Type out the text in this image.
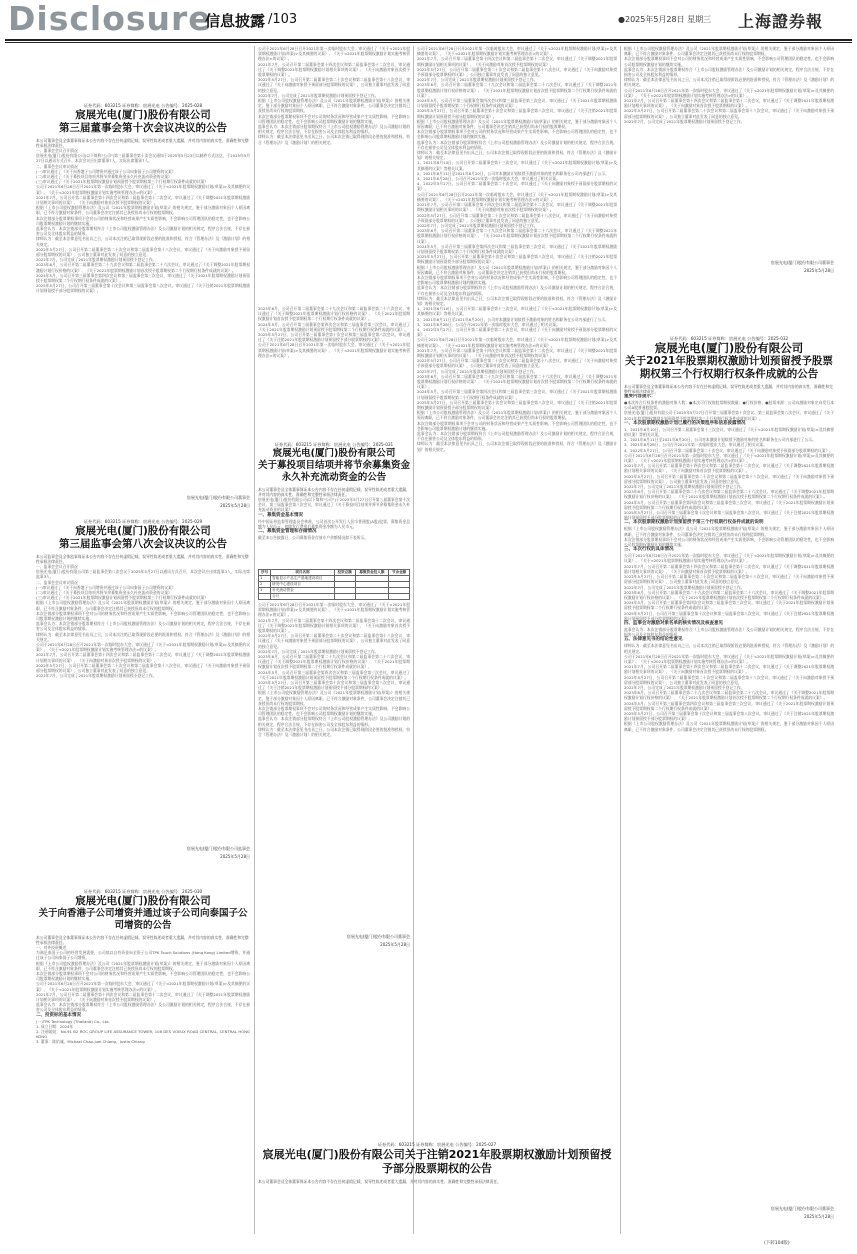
Disclosure
信息披露 /103	●2025年5月28日 星期三 上海證券報
证券代码：603215 证券简称：宸展光电 公告编号：2025-028
宸展光电(厦门)股份有限公司
第三届董事会第十次会议决议的公告
本公司董事会及全体董事保证本公告内容不存在任何虚假记载、误导性陈述或者重大遗漏，并对其内容的真实性、准确性和完整性承担法律责任。

一、董事会会议召开情况

宸展光电(厦门)股份有限公司(以下简称"公司")第三届董事会第十次会议通知于2025年5月23日以邮件方式送达，于2025年5月27日以通讯方式召开。本次会议应出席董事7人，实际出席董事7人。

二、董事会会议审议情况

(一)审议通过了《关于向香港子公司增资并通过该子公司向泰国子公司增资的议案》

(二)审议通过了《关于募投项目结项并将节余募集资金永久补充流动资金的议案》

(三)审议通过了《关于2021年股票期权激励计划预留授予股票期权第三个行权期行权条件成就的议案》

公司于2021年6月28日召开2021年第一次临时股东大会，审议通过了《关于<2021年股票期权激励计划(草案)>及其摘要的议案》、《关于<2021年股票期权激励计划实施考核管理办法>的议案》。

2021年7月，公司召开第二届董事会第十四次会议和第二届监事会第十二次会议，审议通过了《关于调整2021年股票期权激励计划相关事项的议案》、《关于向激励对象首次授予股票期权的议案》。

根据《上市公司股权激励管理办法》及公司《2021年股票期权激励计划(草案)》的相关规定，鉴于部分激励对象因个人原因离职，已不符合激励对象条件，公司董事会决定注销其已获授但尚未行权的股票期权。

本次注销部分股票期权事项不会对公司的财务状况和经营成果产生实质性影响，不会影响公司管理团队的稳定性，也不会影响公司股票期权激励计划的继续实施。

监事会认为：本次注销部分股票期权符合《上市公司股权激励管理办法》及公司激励计划的相关规定，程序合法合规，不存在损害公司及全体股东利益的情形。

律师认为：截至本法律意见书出具之日，公司本次注销已取得现阶段必要的批准和授权，符合《管理办法》及《激励计划》的相关规定。

2022年5月27日，公司召开第二届董事会第二十次会议和第二届监事会第十八次会议，审议通过了《关于向激励对象授予预留部分股票期权的议案》，公司独立董事对此发表了同意的独立意见。

2022年7月，公司完成了2021年股票期权激励计划预留授予登记工作。

2023年6月，公司召开第二届董事会第二十九次会议和第二届监事会第二十六次会议，审议通过了《关于调整2021年股票期权激励计划行权价格的议案》、《关于2021年股票期权激励计划首次授予股票期权第二个行权期行权条件成就的议案》。

2024年5月，公司召开第三届董事会第四次会议和第三届监事会第三次会议，审议通过了《关于2021年股票期权激励计划预留授予股票期权第二个行权期行权条件成就的议案》。

2025年5月27日，公司召开第三届董事会第十次会议和第三届监事会第八次会议，审议通过了《关于注销2021年股票期权激励计划预留授予部分股票期权的议案》。

宸展光电(厦门)股份有限公司董事会
2025年5月28日
证券代码：603215 证券简称：宸展光电 公告编号：2025-029
宸展光电(厦门)股份有限公司
第三届监事会第八次会议决议的公告
本公司监事会及全体监事保证本公告内容不存在任何虚假记载、误导性陈述或者重大遗漏，并对其内容的真实性、准确性和完整性承担法律责任。

一、监事会会议召开情况

宸展光电(厦门)股份有限公司第三届监事会第八次会议于2025年5月27日以通讯方式召开，本次会议应出席监事3人，实际出席监事3人。

二、监事会会议审议情况

(一)审议通过了《关于向香港子公司增资并通过该子公司向泰国子公司增资的议案》

(二)审议通过了《关于募投项目结项并将节余募集资金永久补充流动资金的议案》

(三)审议通过了《关于2021年股票期权激励计划预留授予股票期权第三个行权期行权条件成就的议案》

根据《上市公司股权激励管理办法》及公司《2021年股票期权激励计划(草案)》的相关规定，鉴于部分激励对象因个人原因离职，已不符合激励对象条件，公司董事会决定注销其已获授但尚未行权的股票期权。

本次注销部分股票期权事项不会对公司的财务状况和经营成果产生实质性影响，不会影响公司管理团队的稳定性，也不会影响公司股票期权激励计划的继续实施。

监事会认为：本次注销部分股票期权符合《上市公司股权激励管理办法》及公司激励计划的相关规定，程序合法合规，不存在损害公司及全体股东利益的情形。

律师认为：截至本法律意见书出具之日，公司本次注销已取得现阶段必要的批准和授权，符合《管理办法》及《激励计划》的相关规定。

公司于2021年6月28日召开2021年第一次临时股东大会，审议通过了《关于<2021年股票期权激励计划(草案)>及其摘要的议案》、《关于<2021年股票期权激励计划实施考核管理办法>的议案》。

2021年7月，公司召开第二届董事会第十四次会议和第二届监事会第十二次会议，审议通过了《关于调整2021年股票期权激励计划相关事项的议案》、《关于向激励对象首次授予股票期权的议案》。

2022年5月27日，公司召开第二届董事会第二十次会议和第二届监事会第十八次会议，审议通过了《关于向激励对象授予预留部分股票期权的议案》，公司独立董事对此发表了同意的独立意见。

2022年7月，公司完成了2021年股票期权激励计划预留授予登记工作。

宸展光电(厦门)股份有限公司监事会
2025年5月28日
证券代码：603215 证券简称：宸展光电 公告编号：2025-030
宸展光电(厦门)股份有限公司
关于向香港子公司增资并通过该子公司向泰国子公司增资的公告
本公司董事会及全体董事保证本公告内容不存在任何虚假记载、误导性陈述或者重大遗漏，并对其内容的真实性、准确性和完整性承担法律责任。

一、对外投资概述

为满足泰国子公司的经营发展需要，公司拟以自有资金向全资子公司TPK Touch Solutions (Hong Kong) Limited增资，并通过该子公司向泰国子公司增资。

根据《上市公司股权激励管理办法》及公司《2021年股票期权激励计划(草案)》的相关规定，鉴于部分激励对象因个人原因离职，已不符合激励对象条件，公司董事会决定注销其已获授但尚未行权的股票期权。

本次注销部分股票期权事项不会对公司的财务状况和经营成果产生实质性影响，不会影响公司管理团队的稳定性，也不会影响公司股票期权激励计划的继续实施。

公司于2021年6月28日召开2021年第一次临时股东大会，审议通过了《关于<2021年股票期权激励计划(草案)>及其摘要的议案》、《关于<2021年股票期权激励计划实施考核管理办法>的议案》。

2021年7月，公司召开第二届董事会第十四次会议和第二届监事会第十二次会议，审议通过了《关于调整2021年股票期权激励计划相关事项的议案》、《关于向激励对象首次授予股票期权的议案》。

监事会认为：本次注销部分股票期权符合《上市公司股权激励管理办法》及公司激励计划的相关规定，程序合法合规，不存在损害公司及全体股东利益的情形。

二、投资标的基本情况

(一)TPK Technology (Thailand) Co., Ltd.

1. 成立日期：2024年

2. 注册地址：No.91 B2 ROC GROUP LIFE ASSURANCE TOWER, 106 DES VOEUX ROAD CENTRAL, CENTRAL HONG KONG

3. 董事：陈佑诚、Michael Chao-Juei Chiang、Justin Chiang

公司于2021年6月28日召开2021年第一次临时股东大会，审议通过了《关于<2021年股票期权激励计划(草案)>及其摘要的议案》、《关于<2021年股票期权激励计划实施考核管理办法>的议案》。

2021年7月，公司召开第二届董事会第十四次会议和第二届监事会第十二次会议，审议通过了《关于调整2021年股票期权激励计划相关事项的议案》、《关于向激励对象首次授予股票期权的议案》。

2022年5月27日，公司召开第二届董事会第二十次会议和第二届监事会第十八次会议，审议通过了《关于向激励对象授予预留部分股票期权的议案》，公司独立董事对此发表了同意的独立意见。

2022年7月，公司完成了2021年股票期权激励计划预留授予登记工作。

根据《上市公司股权激励管理办法》及公司《2021年股票期权激励计划(草案)》的相关规定，鉴于部分激励对象因个人原因离职，已不符合激励对象条件，公司董事会决定注销其已获授但尚未行权的股票期权。

本次注销部分股票期权事项不会对公司的财务状况和经营成果产生实质性影响，不会影响公司管理团队的稳定性，也不会影响公司股票期权激励计划的继续实施。

监事会认为：本次注销部分股票期权符合《上市公司股权激励管理办法》及公司激励计划的相关规定，程序合法合规，不存在损害公司及全体股东利益的情形。

律师认为：截至本法律意见书出具之日，公司本次注销已取得现阶段必要的批准和授权，符合《管理办法》及《激励计划》的相关规定。

2023年6月，公司召开第二届董事会第二十九次会议和第二届监事会第二十六次会议，审议通过了《关于调整2021年股票期权激励计划行权价格的议案》、《关于2021年股票期权激励计划首次授予股票期权第二个行权期行权条件成就的议案》。

2024年5月，公司召开第三届董事会第四次会议和第三届监事会第三次会议，审议通过了《关于2021年股票期权激励计划预留授予股票期权第二个行权期行权条件成就的议案》。

2025年5月27日，公司召开第三届董事会第十次会议和第三届监事会第八次会议，审议通过了《关于注销2021年股票期权激励计划预留授予部分股票期权的议案》。

公司于2021年6月28日召开2021年第一次临时股东大会，审议通过了《关于<2021年股票期权激励计划(草案)>及其摘要的议案》、《关于<2021年股票期权激励计划实施考核管理办法>的议案》。

证券代码：603215 证券简称：宸展光电 公告编号：2025-031
宸展光电(厦门)股份有限公司
关于募投项目结项并将节余募集资金永久补充流动资金的公告
本公司董事会及全体董事保证本公告内容不存在任何虚假记载、误导性陈述或者重大遗漏，并对其内容的真实性、准确性和完整性承担法律责任。

宸展光电(厦门)股份有限公司(以下简称"公司")于2025年5月27日召开第三届董事会第十次会议、第三届监事会第八次会议，审议通过了《关于募投项目结项并将节余募集资金永久补充流动资金的议案》。

一、募集资金基本情况

经中国证券监督管理委员会核准，公司首次公开发行人民币普通股(A股)股票，募集资金总额为人民币元，扣除发行费用后募集资金净额为人民币元。

二、募集资金管理和存储情况

截至本公告披露日，公司募集资金存放专户余额情况如下表所示。

序号	项目名称	投资总额	募集资金投入额	节余金额
1	智能显示产品生产基地建设项目			
2	研发中心建设项目			
3	补充流动资金			
	合计			

公司于2021年6月28日召开2021年第一次临时股东大会，审议通过了《关于<2021年股票期权激励计划(草案)>及其摘要的议案》、《关于<2021年股票期权激励计划实施考核管理办法>的议案》。

2021年7月，公司召开第二届董事会第十四次会议和第二届监事会第十二次会议，审议通过了《关于调整2021年股票期权激励计划相关事项的议案》、《关于向激励对象首次授予股票期权的议案》。

2022年5月27日，公司召开第二届董事会第二十次会议和第二届监事会第十八次会议，审议通过了《关于向激励对象授予预留部分股票期权的议案》，公司独立董事对此发表了同意的独立意见。

2022年7月，公司完成了2021年股票期权激励计划预留授予登记工作。

2023年6月，公司召开第二届董事会第二十九次会议和第二届监事会第二十六次会议，审议通过了《关于调整2021年股票期权激励计划行权价格的议案》、《关于2021年股票期权激励计划首次授予股票期权第二个行权期行权条件成就的议案》。

2024年5月，公司召开第三届董事会第四次会议和第三届监事会第三次会议，审议通过了《关于2021年股票期权激励计划预留授予股票期权第二个行权期行权条件成就的议案》。

2025年5月27日，公司召开第三届董事会第十次会议和第三届监事会第八次会议，审议通过了《关于注销2021年股票期权激励计划预留授予部分股票期权的议案》。

根据《上市公司股权激励管理办法》及公司《2021年股票期权激励计划(草案)》的相关规定，鉴于部分激励对象因个人原因离职，已不符合激励对象条件，公司董事会决定注销其已获授但尚未行权的股票期权。

本次注销部分股票期权事项不会对公司的财务状况和经营成果产生实质性影响，不会影响公司管理团队的稳定性，也不会影响公司股票期权激励计划的继续实施。

监事会认为：本次注销部分股票期权符合《上市公司股权激励管理办法》及公司激励计划的相关规定，程序合法合规，不存在损害公司及全体股东利益的情形。

律师认为：截至本法律意见书出具之日，公司本次注销已取得现阶段必要的批准和授权，符合《管理办法》及《激励计划》的相关规定。

宸展光电(厦门)股份有限公司董事会
2025年5月28日
证券代码：603215 证券简称：宸展光电 公告编号：2025-027
宸展光电(厦门)股份有限公司关于注销2021年股票期权激励计划预留授予部分股票期权的公告
本公司董事会及全体董事保证本公告内容不存在任何虚假记载、误导性陈述或者重大遗漏，并对其内容的真实性、准确性和完整性承担法律责任。

公司于2021年6月28日召开2021年第一次临时股东大会，审议通过了《关于<2021年股票期权激励计划(草案)>及其摘要的议案》、《关于<2021年股票期权激励计划实施考核管理办法>的议案》。

2021年7月，公司召开第二届董事会第十四次会议和第二届监事会第十二次会议，审议通过了《关于调整2021年股票期权激励计划相关事项的议案》、《关于向激励对象首次授予股票期权的议案》。

2022年5月27日，公司召开第二届董事会第二十次会议和第二届监事会第十八次会议，审议通过了《关于向激励对象授予预留部分股票期权的议案》，公司独立董事对此发表了同意的独立意见。

2022年7月，公司完成了2021年股票期权激励计划预留授予登记工作。

2023年6月，公司召开第二届董事会第二十九次会议和第二届监事会第二十六次会议，审议通过了《关于调整2021年股票期权激励计划行权价格的议案》、《关于2021年股票期权激励计划首次授予股票期权第二个行权期行权条件成就的议案》。

2024年5月，公司召开第三届董事会第四次会议和第三届监事会第三次会议，审议通过了《关于2021年股票期权激励计划预留授予股票期权第二个行权期行权条件成就的议案》。

2025年5月27日，公司召开第三届董事会第十次会议和第三届监事会第八次会议，审议通过了《关于注销2021年股票期权激励计划预留授予部分股票期权的议案》。

根据《上市公司股权激励管理办法》及公司《2021年股票期权激励计划(草案)》的相关规定，鉴于部分激励对象因个人原因离职，已不符合激励对象条件，公司董事会决定注销其已获授但尚未行权的股票期权。

本次注销部分股票期权事项不会对公司的财务状况和经营成果产生实质性影响，不会影响公司管理团队的稳定性，也不会影响公司股票期权激励计划的继续实施。

监事会认为：本次注销部分股票期权符合《上市公司股权激励管理办法》及公司激励计划的相关规定，程序合法合规，不存在损害公司及全体股东利益的情形。

律师认为：截至本法律意见书出具之日，公司本次注销已取得现阶段必要的批准和授权，符合《管理办法》及《激励计划》的相关规定。

1、2021年6月10日，公司召开第二届董事会第十三次会议，审议通过了《关于<2021年股票期权激励计划(草案)>及其摘要的议案》等相关议案。

2、2021年6月11日至2021年6月20日，公司对本激励计划拟授予激励对象的姓名和职务在公司内部进行了公示。

3、2021年6月28日，公司召开2021年第一次临时股东大会，审议通过了相关议案。

4、2022年5月27日，公司召开第二届董事会第二十次会议，审议通过了《关于向激励对象授予预留部分股票期权的议案》。

公司于2021年6月28日召开2021年第一次临时股东大会，审议通过了《关于<2021年股票期权激励计划(草案)>及其摘要的议案》、《关于<2021年股票期权激励计划实施考核管理办法>的议案》。

2021年7月，公司召开第二届董事会第十四次会议和第二届监事会第十二次会议，审议通过了《关于调整2021年股票期权激励计划相关事项的议案》、《关于向激励对象首次授予股票期权的议案》。

2022年5月27日，公司召开第二届董事会第二十次会议和第二届监事会第十八次会议，审议通过了《关于向激励对象授予预留部分股票期权的议案》，公司独立董事对此发表了同意的独立意见。

2022年7月，公司完成了2021年股票期权激励计划预留授予登记工作。

2023年6月，公司召开第二届董事会第二十九次会议和第二届监事会第二十六次会议，审议通过了《关于调整2021年股票期权激励计划行权价格的议案》、《关于2021年股票期权激励计划首次授予股票期权第二个行权期行权条件成就的议案》。

2024年5月，公司召开第三届董事会第四次会议和第三届监事会第三次会议，审议通过了《关于2021年股票期权激励计划预留授予股票期权第二个行权期行权条件成就的议案》。

2025年5月27日，公司召开第三届董事会第十次会议和第三届监事会第八次会议，审议通过了《关于注销2021年股票期权激励计划预留授予部分股票期权的议案》。

根据《上市公司股权激励管理办法》及公司《2021年股票期权激励计划(草案)》的相关规定，鉴于部分激励对象因个人原因离职，已不符合激励对象条件，公司董事会决定注销其已获授但尚未行权的股票期权。

本次注销部分股票期权事项不会对公司的财务状况和经营成果产生实质性影响，不会影响公司管理团队的稳定性，也不会影响公司股票期权激励计划的继续实施。

监事会认为：本次注销部分股票期权符合《上市公司股权激励管理办法》及公司激励计划的相关规定，程序合法合规，不存在损害公司及全体股东利益的情形。

律师认为：截至本法律意见书出具之日，公司本次注销已取得现阶段必要的批准和授权，符合《管理办法》及《激励计划》的相关规定。

1、2021年6月10日，公司召开第二届董事会第十三次会议，审议通过了《关于<2021年股票期权激励计划(草案)>及其摘要的议案》等相关议案。

2、2021年6月11日至2021年6月20日，公司对本激励计划拟授予激励对象的姓名和职务在公司内部进行了公示。

3、2021年6月28日，公司召开2021年第一次临时股东大会，审议通过了相关议案。

4、2022年5月27日，公司召开第二届董事会第二十次会议，审议通过了《关于向激励对象授予预留部分股票期权的议案》。

公司于2021年6月28日召开2021年第一次临时股东大会，审议通过了《关于<2021年股票期权激励计划(草案)>及其摘要的议案》、《关于<2021年股票期权激励计划实施考核管理办法>的议案》。

2021年7月，公司召开第二届董事会第十四次会议和第二届监事会第十二次会议，审议通过了《关于调整2021年股票期权激励计划相关事项的议案》、《关于向激励对象首次授予股票期权的议案》。

2022年5月27日，公司召开第二届董事会第二十次会议和第二届监事会第十八次会议，审议通过了《关于向激励对象授予预留部分股票期权的议案》，公司独立董事对此发表了同意的独立意见。

2022年7月，公司完成了2021年股票期权激励计划预留授予登记工作。

2023年6月，公司召开第二届董事会第二十九次会议和第二届监事会第二十六次会议，审议通过了《关于调整2021年股票期权激励计划行权价格的议案》、《关于2021年股票期权激励计划首次授予股票期权第二个行权期行权条件成就的议案》。

2024年5月，公司召开第三届董事会第四次会议和第三届监事会第三次会议，审议通过了《关于2021年股票期权激励计划预留授予股票期权第二个行权期行权条件成就的议案》。

2025年5月27日，公司召开第三届董事会第十次会议和第三届监事会第八次会议，审议通过了《关于注销2021年股票期权激励计划预留授予部分股票期权的议案》。

根据《上市公司股权激励管理办法》及公司《2021年股票期权激励计划(草案)》的相关规定，鉴于部分激励对象因个人原因离职，已不符合激励对象条件，公司董事会决定注销其已获授但尚未行权的股票期权。

本次注销部分股票期权事项不会对公司的财务状况和经营成果产生实质性影响，不会影响公司管理团队的稳定性，也不会影响公司股票期权激励计划的继续实施。

监事会认为：本次注销部分股票期权符合《上市公司股权激励管理办法》及公司激励计划的相关规定，程序合法合规，不存在损害公司及全体股东利益的情形。

律师认为：截至本法律意见书出具之日，公司本次注销已取得现阶段必要的批准和授权，符合《管理办法》及《激励计划》的相关规定。

根据《上市公司股权激励管理办法》及公司《2021年股票期权激励计划(草案)》的相关规定，鉴于部分激励对象因个人原因离职，已不符合激励对象条件，公司董事会决定注销其已获授但尚未行权的股票期权。

本次注销部分股票期权事项不会对公司的财务状况和经营成果产生实质性影响，不会影响公司管理团队的稳定性，也不会影响公司股票期权激励计划的继续实施。

监事会认为：本次注销部分股票期权符合《上市公司股权激励管理办法》及公司激励计划的相关规定，程序合法合规，不存在损害公司及全体股东利益的情形。

律师认为：截至本法律意见书出具之日，公司本次注销已取得现阶段必要的批准和授权，符合《管理办法》及《激励计划》的相关规定。

公司于2021年6月28日召开2021年第一次临时股东大会，审议通过了《关于<2021年股票期权激励计划(草案)>及其摘要的议案》、《关于<2021年股票期权激励计划实施考核管理办法>的议案》。

2021年7月，公司召开第二届董事会第十四次会议和第二届监事会第十二次会议，审议通过了《关于调整2021年股票期权激励计划相关事项的议案》、《关于向激励对象首次授予股票期权的议案》。

2022年5月27日，公司召开第二届董事会第二十次会议和第二届监事会第十八次会议，审议通过了《关于向激励对象授予预留部分股票期权的议案》，公司独立董事对此发表了同意的独立意见。

2022年7月，公司完成了2021年股票期权激励计划预留授予登记工作。

宸展光电(厦门)股份有限公司董事会
2025年5月28日
证券代码：603215 证券简称：宸展光电 公告编号：2025-032
宸展光电(厦门)股份有限公司
关于2021年股票期权激励计划预留授予股票期权第三个行权期行权条件成就的公告
本公司董事会及全体董事保证本公告内容不存在任何虚假记载、误导性陈述或者重大遗漏，并对其内容的真实性、准确性和完整性承担法律责任。

重要内容提示：

●本次符合行权条件的激励对象人数；●本次可行权的股票期权数量；●行权价格；●股票来源：公司向激励对象定向发行本公司A股普通股股票。

宸展光电(厦门)股份有限公司于2025年5月27日召开第三届董事会第十次会议、第三届监事会第八次会议，审议通过了《关于2021年股票期权激励计划预留授予股票期权第三个行权期行权条件成就的议案》。

一、本次股票期权激励计划已履行的决策程序和信息披露情况

1、2021年6月10日，公司召开第二届董事会第十三次会议，审议通过了《关于<2021年股票期权激励计划(草案)>及其摘要的议案》等相关议案。

2、2021年6月11日至2021年6月20日，公司对本激励计划拟授予激励对象的姓名和职务在公司内部进行了公示。

3、2021年6月28日，公司召开2021年第一次临时股东大会，审议通过了相关议案。

4、2022年5月27日，公司召开第二届董事会第二十次会议，审议通过了《关于向激励对象授予预留部分股票期权的议案》。

公司于2021年6月28日召开2021年第一次临时股东大会，审议通过了《关于<2021年股票期权激励计划(草案)>及其摘要的议案》、《关于<2021年股票期权激励计划实施考核管理办法>的议案》。

2021年7月，公司召开第二届董事会第十四次会议和第二届监事会第十二次会议，审议通过了《关于调整2021年股票期权激励计划相关事项的议案》、《关于向激励对象首次授予股票期权的议案》。

2022年5月27日，公司召开第二届董事会第二十次会议和第二届监事会第十八次会议，审议通过了《关于向激励对象授予预留部分股票期权的议案》，公司独立董事对此发表了同意的独立意见。

2022年7月，公司完成了2021年股票期权激励计划预留授予登记工作。

2023年6月，公司召开第二届董事会第二十九次会议和第二届监事会第二十六次会议，审议通过了《关于调整2021年股票期权激励计划行权价格的议案》、《关于2021年股票期权激励计划首次授予股票期权第二个行权期行权条件成就的议案》。

2024年5月，公司召开第三届董事会第四次会议和第三届监事会第三次会议，审议通过了《关于2021年股票期权激励计划预留授予股票期权第二个行权期行权条件成就的议案》。

2025年5月27日，公司召开第三届董事会第十次会议和第三届监事会第八次会议，审议通过了《关于注销2021年股票期权激励计划预留授予部分股票期权的议案》。

二、本次股票期权激励计划预留授予第三个行权期行权条件成就的说明

根据《上市公司股权激励管理办法》及公司《2021年股票期权激励计划(草案)》的相关规定，鉴于部分激励对象因个人原因离职，已不符合激励对象条件，公司董事会决定注销其已获授但尚未行权的股票期权。

本次注销部分股票期权事项不会对公司的财务状况和经营成果产生实质性影响，不会影响公司管理团队的稳定性，也不会影响公司股票期权激励计划的继续实施。

三、本次行权的具体情况

公司于2021年6月28日召开2021年第一次临时股东大会，审议通过了《关于<2021年股票期权激励计划(草案)>及其摘要的议案》、《关于<2021年股票期权激励计划实施考核管理办法>的议案》。

2021年7月，公司召开第二届董事会第十四次会议和第二届监事会第十二次会议，审议通过了《关于调整2021年股票期权激励计划相关事项的议案》、《关于向激励对象首次授予股票期权的议案》。

2022年5月27日，公司召开第二届董事会第二十次会议和第二届监事会第十八次会议，审议通过了《关于向激励对象授予预留部分股票期权的议案》，公司独立董事对此发表了同意的独立意见。

2022年7月，公司完成了2021年股票期权激励计划预留授予登记工作。

2023年6月，公司召开第二届董事会第二十九次会议和第二届监事会第二十六次会议，审议通过了《关于调整2021年股票期权激励计划行权价格的议案》、《关于2021年股票期权激励计划首次授予股票期权第二个行权期行权条件成就的议案》。

2024年5月，公司召开第三届董事会第四次会议和第三届监事会第三次会议，审议通过了《关于2021年股票期权激励计划预留授予股票期权第二个行权期行权条件成就的议案》。

2025年5月27日，公司召开第三届董事会第十次会议和第三届监事会第八次会议，审议通过了《关于注销2021年股票期权激励计划预留授予部分股票期权的议案》。

四、监事会对激励对象名单的核实情况及核查意见

监事会认为：本次注销部分股票期权符合《上市公司股权激励管理办法》及公司激励计划的相关规定，程序合法合规，不存在损害公司及全体股东利益的情形。

五、法律意见书的结论性意见

律师认为：截至本法律意见书出具之日，公司本次注销已取得现阶段必要的批准和授权，符合《管理办法》及《激励计划》的相关规定。

公司于2021年6月28日召开2021年第一次临时股东大会，审议通过了《关于<2021年股票期权激励计划(草案)>及其摘要的议案》、《关于<2021年股票期权激励计划实施考核管理办法>的议案》。

2021年7月，公司召开第二届董事会第十四次会议和第二届监事会第十二次会议，审议通过了《关于调整2021年股票期权激励计划相关事项的议案》、《关于向激励对象首次授予股票期权的议案》。

2022年5月27日，公司召开第二届董事会第二十次会议和第二届监事会第十八次会议，审议通过了《关于向激励对象授予预留部分股票期权的议案》，公司独立董事对此发表了同意的独立意见。

2022年7月，公司完成了2021年股票期权激励计划预留授予登记工作。

2023年6月，公司召开第二届董事会第二十九次会议和第二届监事会第二十六次会议，审议通过了《关于调整2021年股票期权激励计划行权价格的议案》、《关于2021年股票期权激励计划首次授予股票期权第二个行权期行权条件成就的议案》。

2024年5月，公司召开第三届董事会第四次会议和第三届监事会第三次会议，审议通过了《关于2021年股票期权激励计划预留授予股票期权第二个行权期行权条件成就的议案》。

2025年5月27日，公司召开第三届董事会第十次会议和第三届监事会第八次会议，审议通过了《关于注销2021年股票期权激励计划预留授予部分股票期权的议案》。

根据《上市公司股权激励管理办法》及公司《2021年股票期权激励计划(草案)》的相关规定，鉴于部分激励对象因个人原因离职，已不符合激励对象条件，公司董事会决定注销其已获授但尚未行权的股票期权。

宸展光电(厦门)股份有限公司董事会
2025年5月28日
(下转104版)
